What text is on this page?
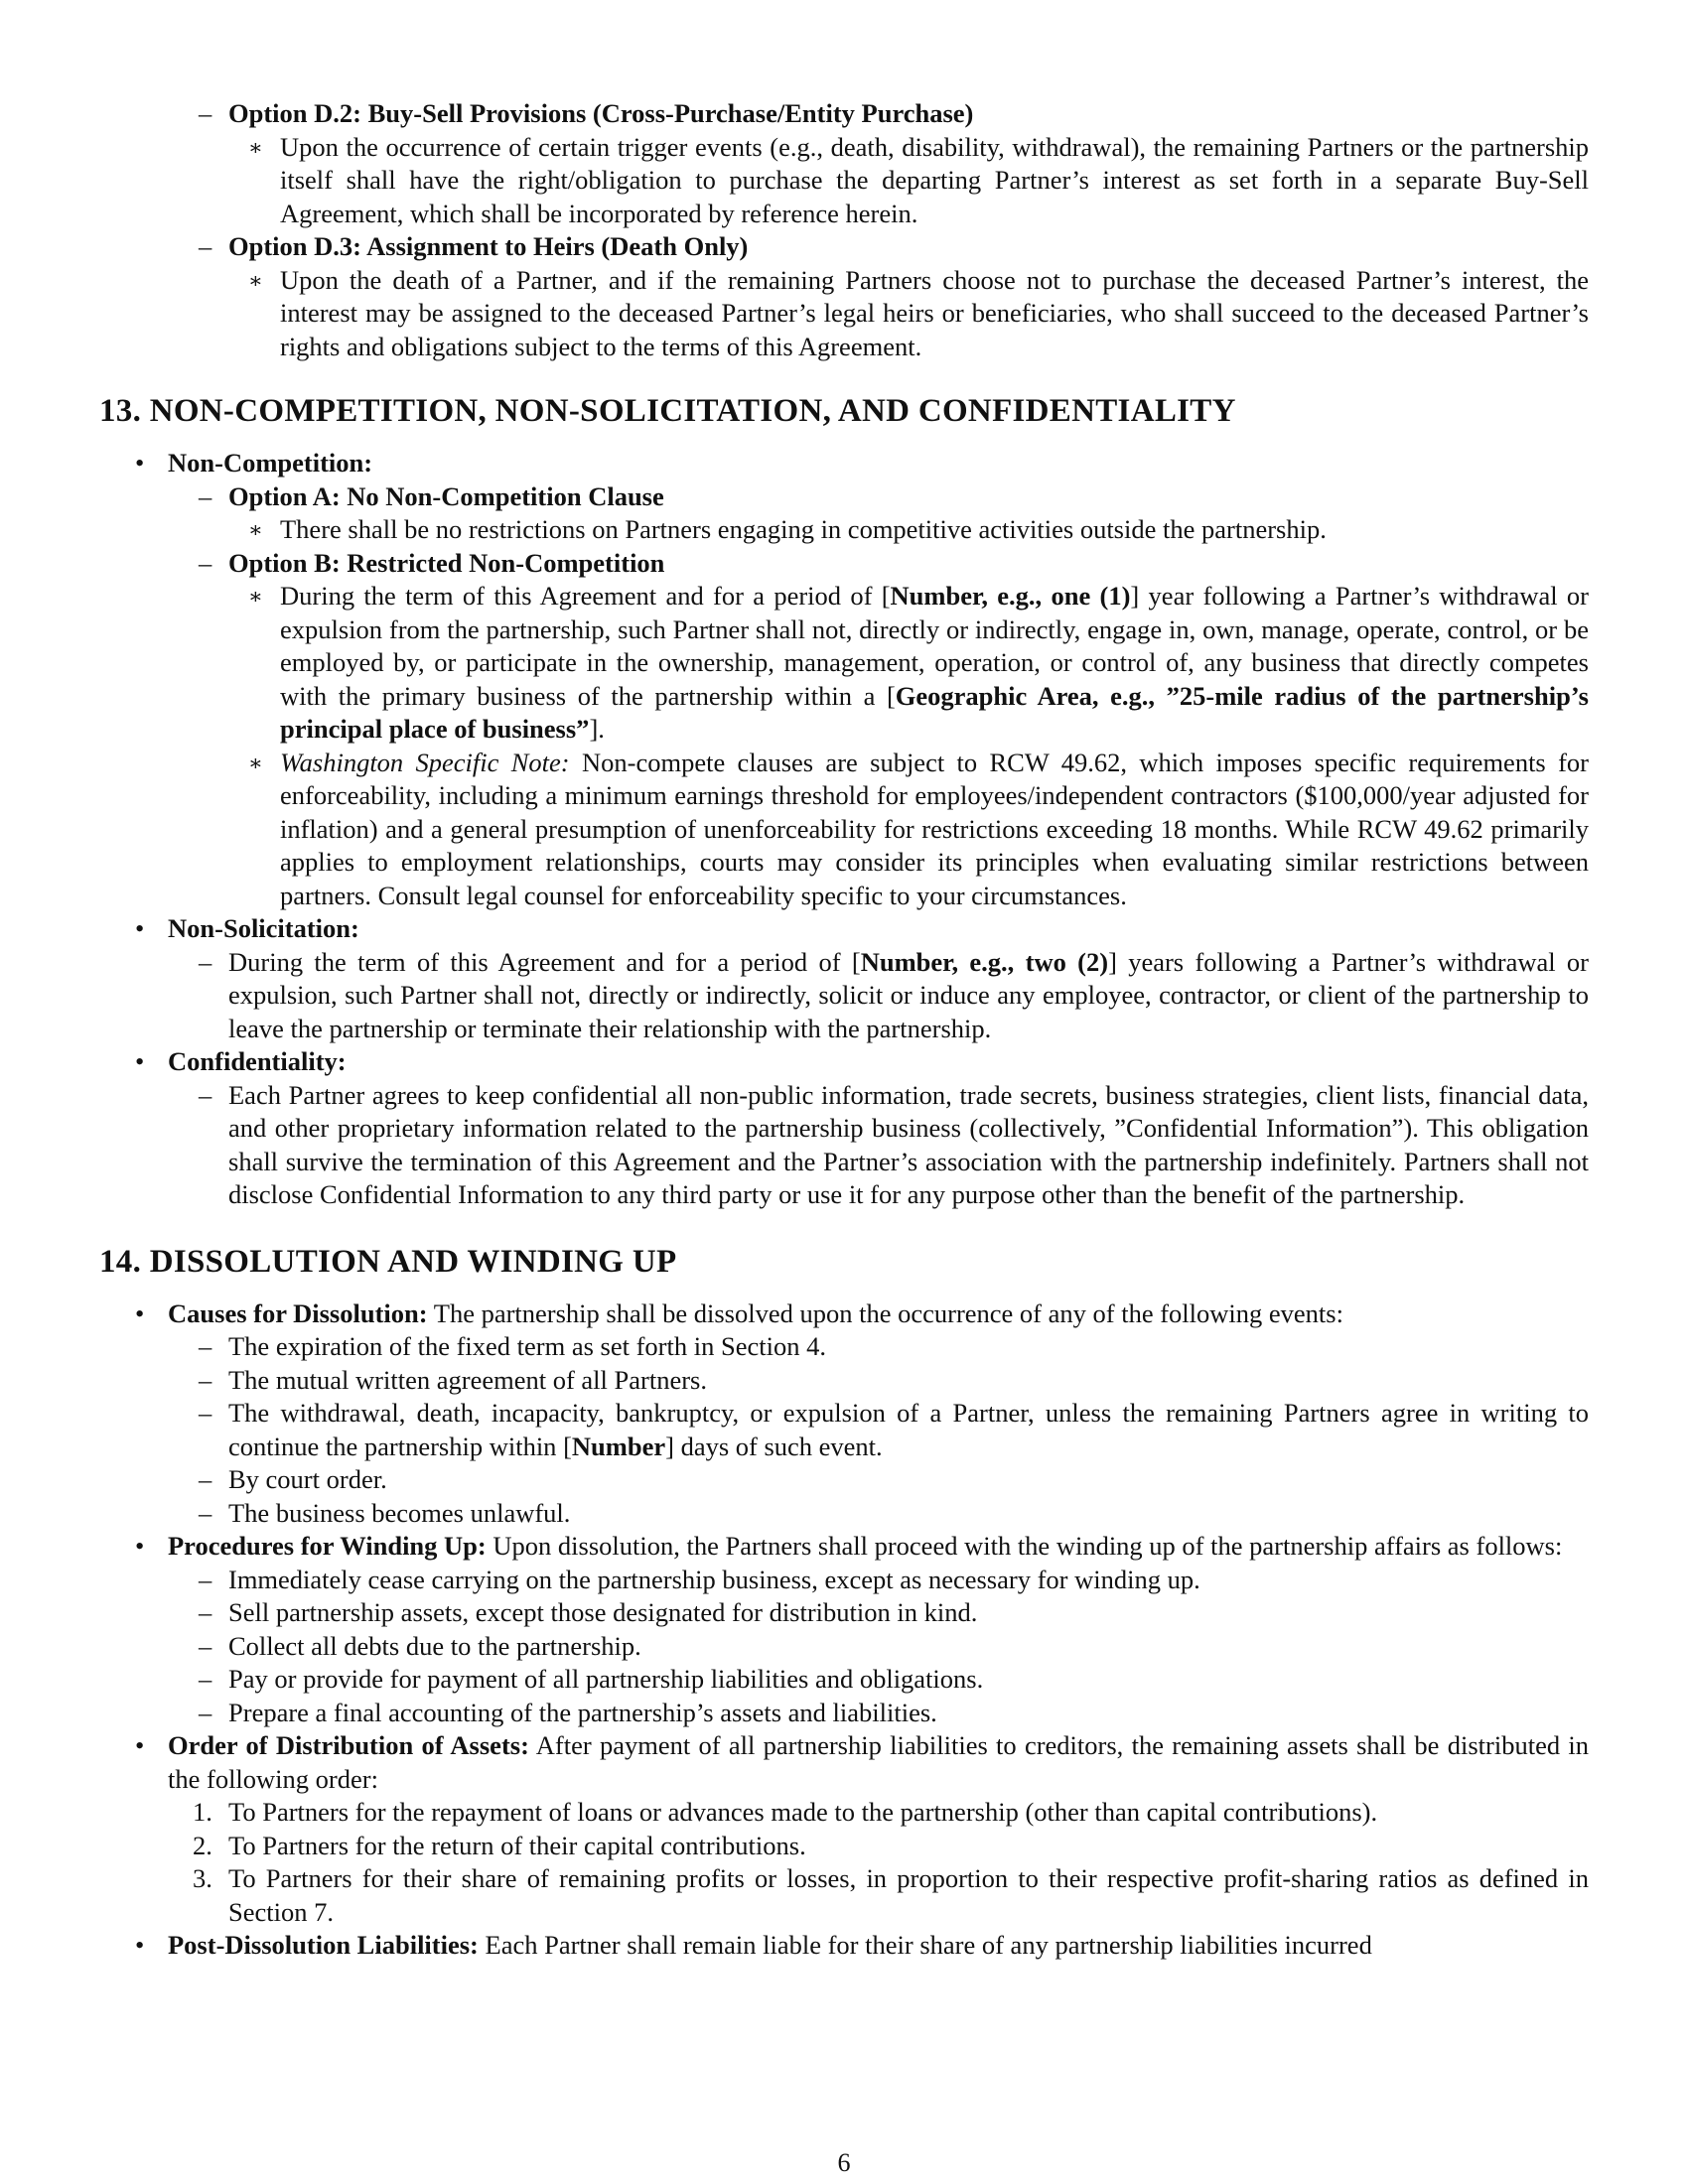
– Option D.2: Buy-Sell Provisions (Cross-Purchase/Entity Purchase)
∗ Upon the occurrence of certain trigger events (e.g., death, disability, withdrawal), the remaining Partners or the partnership itself shall have the right/obligation to purchase the departing Partner’s interest as set forth in a separate Buy-Sell Agreement, which shall be incorporated by reference herein.
– Option D.3: Assignment to Heirs (Death Only)
∗ Upon the death of a Partner, and if the remaining Partners choose not to purchase the deceased Partner’s interest, the interest may be assigned to the deceased Partner’s legal heirs or beneficiaries, who shall succeed to the deceased Partner’s rights and obligations subject to the terms of this Agreement.
13. NON-COMPETITION, NON-SOLICITATION, AND CONFIDENTIALITY
• Non-Competition:
– Option A: No Non-Competition Clause
∗ There shall be no restrictions on Partners engaging in competitive activities outside the partnership.
– Option B: Restricted Non-Competition
∗ During the term of this Agreement and for a period of [Number, e.g., one (1)] year following a Partner’s withdrawal or expulsion from the partnership, such Partner shall not, directly or indirectly, engage in, own, manage, operate, control, or be employed by, or participate in the ownership, management, operation, or control of, any business that directly competes with the primary business of the partnership within a [Geographic Area, e.g., ”25-mile radius of the partnership’s principal place of business”].
∗ Washington Specific Note: Non-compete clauses are subject to RCW 49.62, which imposes specific requirements for enforceability, including a minimum earnings threshold for employees/independent contractors ($100,000/year adjusted for inflation) and a general presumption of unenforceability for restrictions exceeding 18 months. While RCW 49.62 primarily applies to employment relationships, courts may consider its principles when evaluating similar restrictions between partners. Consult legal counsel for enforceability specific to your circumstances.
• Non-Solicitation:
– During the term of this Agreement and for a period of [Number, e.g., two (2)] years following a Partner’s withdrawal or expulsion, such Partner shall not, directly or indirectly, solicit or induce any employee, contractor, or client of the partnership to leave the partnership or terminate their relationship with the partnership.
• Confidentiality:
– Each Partner agrees to keep confidential all non-public information, trade secrets, business strategies, client lists, financial data, and other proprietary information related to the partnership business (collectively, ”Confidential Information”). This obligation shall survive the termination of this Agreement and the Partner’s association with the partnership indefinitely. Partners shall not disclose Confidential Information to any third party or use it for any purpose other than the benefit of the partnership.
14. DISSOLUTION AND WINDING UP
• Causes for Dissolution: The partnership shall be dissolved upon the occurrence of any of the following events:
– The expiration of the fixed term as set forth in Section 4.
– The mutual written agreement of all Partners.
– The withdrawal, death, incapacity, bankruptcy, or expulsion of a Partner, unless the remaining Partners agree in writing to continue the partnership within [Number] days of such event.
– By court order.
– The business becomes unlawful.
• Procedures for Winding Up: Upon dissolution, the Partners shall proceed with the winding up of the partnership affairs as follows:
– Immediately cease carrying on the partnership business, except as necessary for winding up.
– Sell partnership assets, except those designated for distribution in kind.
– Collect all debts due to the partnership.
– Pay or provide for payment of all partnership liabilities and obligations.
– Prepare a final accounting of the partnership’s assets and liabilities.
• Order of Distribution of Assets: After payment of all partnership liabilities to creditors, the remaining assets shall be distributed in the following order:
1. To Partners for the repayment of loans or advances made to the partnership (other than capital contributions).
2. To Partners for the return of their capital contributions.
3. To Partners for their share of remaining profits or losses, in proportion to their respective profit-sharing ratios as defined in Section 7.
• Post-Dissolution Liabilities: Each Partner shall remain liable for their share of any partnership liabilities incurred
6
